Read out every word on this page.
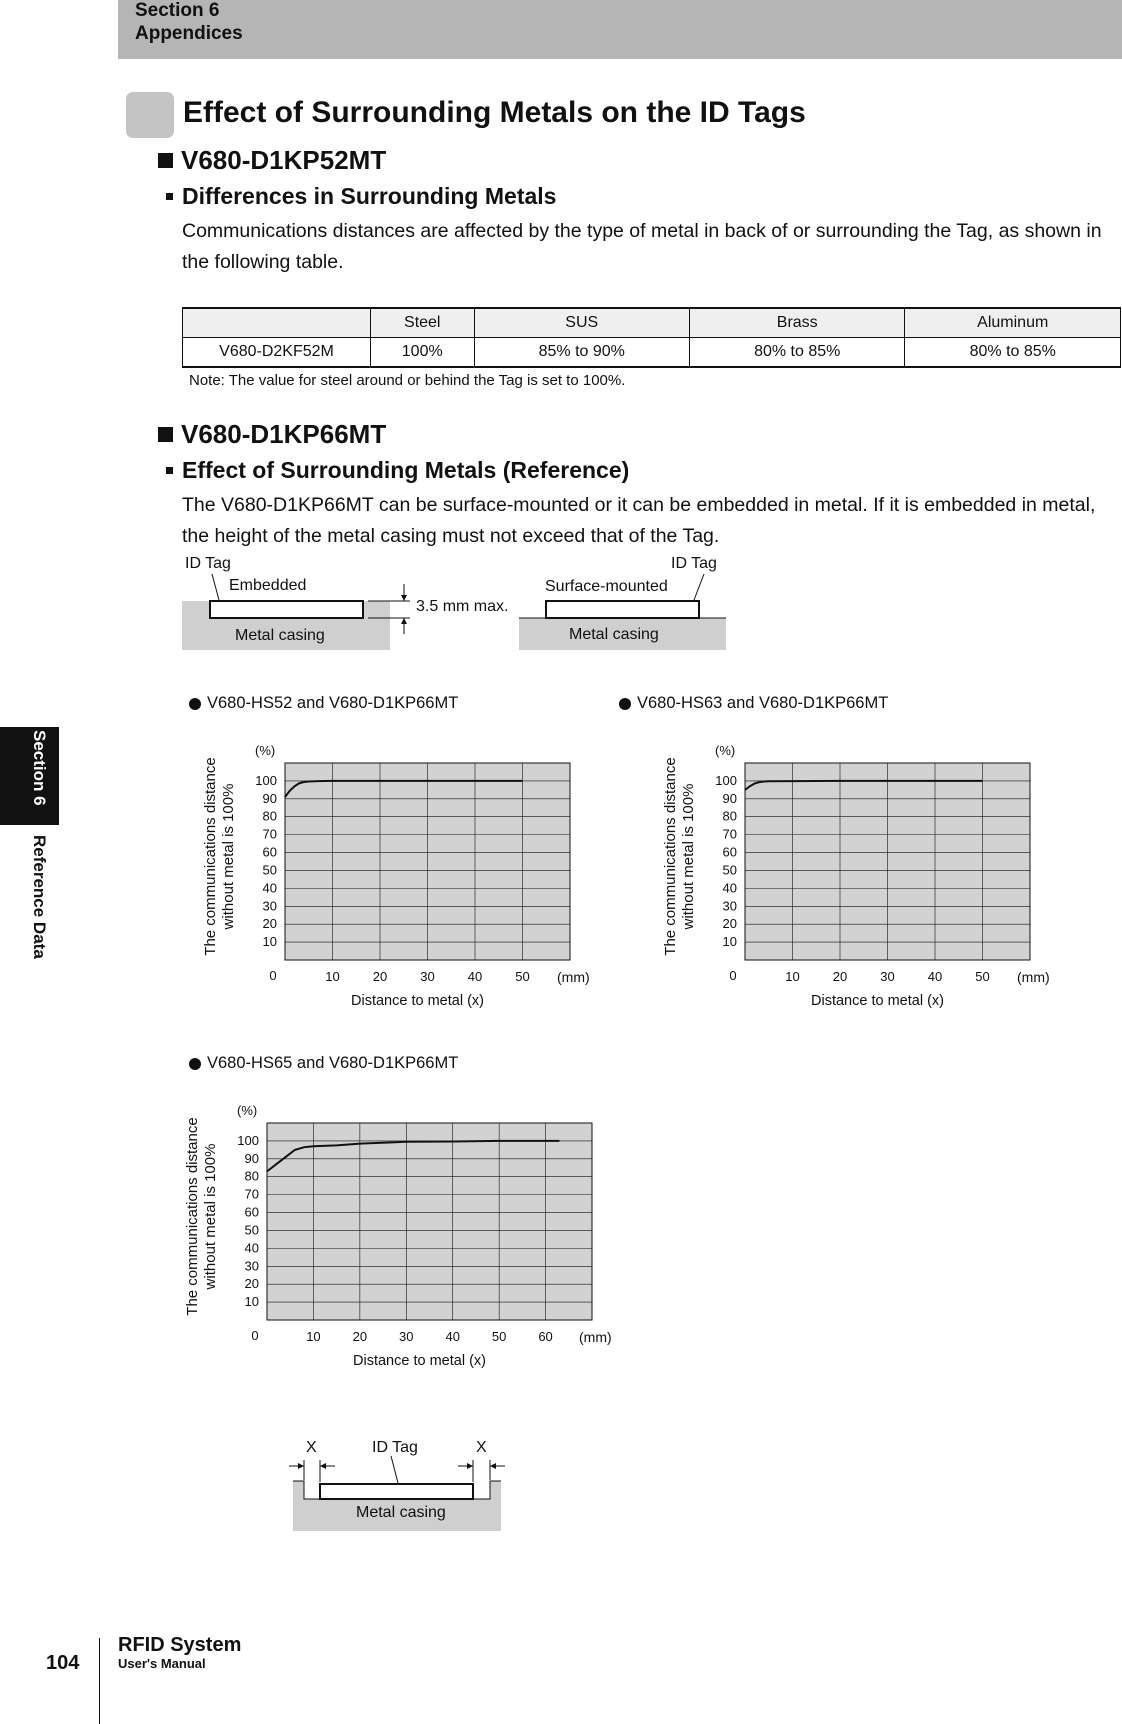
Section 6
Appendices
Section 6
Reference Data
Effect of Surrounding Metals on the ID Tags
V680-D1KP52MT
Differences in Surrounding Metals
Communications distances are affected by the type of metal in back of or surrounding the Tag, as shown in the following table.
	Steel	SUS	Brass	Aluminum
V680-D2KF52M	100%	85% to 90%	80% to 85%	80% to 85%
Note: The value for steel around or behind the Tag is set to 100%.
V680-D1KP66MT
Effect of Surrounding Metals (Reference)
The V680-D1KP66MT can be surface-mounted or it can be embedded in metal. If it is embedded in metal, the height of the metal casing must not exceed that of the Tag.
ID Tag
Embedded
Metal casing
3.5 mm max.
Surface-mounted
ID Tag
Metal casing
V680-HS52 and V680-D1KP66MT	V680-HS63 and V680-D1KP66MT
V680-HS65 and V680-D1KP66MT
10
20
30
40
50
60
70
80
90
100
10	20	30	40	50
0	(mm)
(%)
Distance to metal (x)
The communications distancewithout metal is 100%
10
20
30
40
50
60
70
80
90
100
10	20	30	40	50
0	(mm)
(%)
Distance to metal (x)
The communications distancewithout metal is 100%
10
20
30
40
50
60
70
80
90
100
10 20 30 40 50 60
0	(mm)
(%)
Distance to metal (x)
The communications distancewithout metal is 100%
X	ID Tag	X
Metal casing
104
RFID System
User's Manual
